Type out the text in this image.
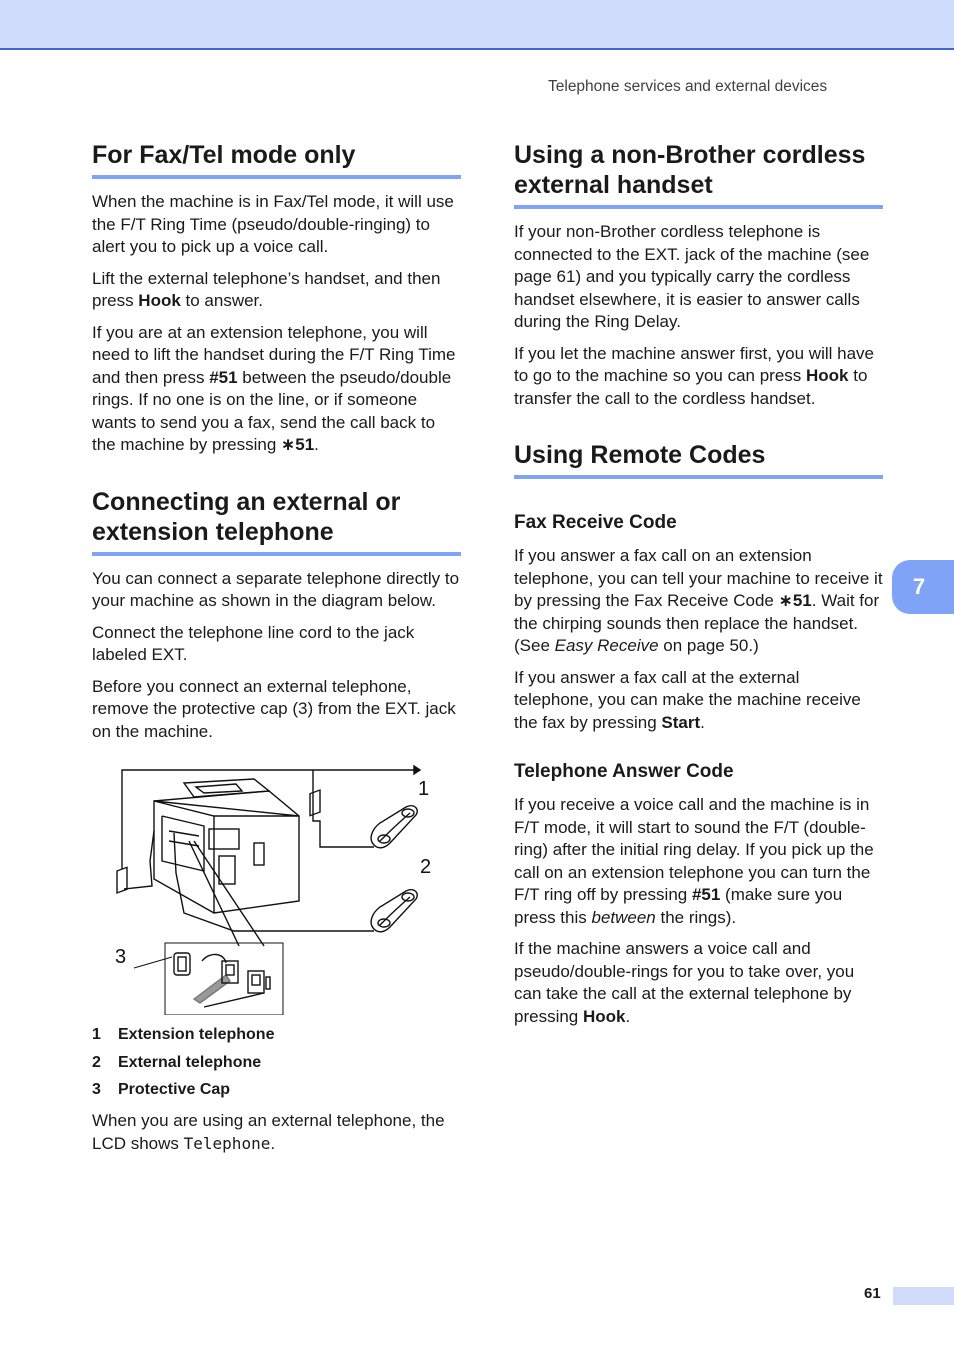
Telephone services and external devices
For Fax/Tel mode only

When the machine is in Fax/Tel mode, it will use the F/T Ring Time (pseudo/double-ringing) to alert you to pick up a voice call.

Lift the external telephone’s handset, and then press Hook to answer.

If you are at an extension telephone, you will need to lift the handset during the F/T Ring Time and then press #51 between the pseudo/double rings. If no one is on the line, or if someone wants to send you a fax, send the call back to the machine by pressing ∗51.

Connecting an external or extension telephone

You can connect a separate telephone directly to your machine as shown in the diagram below.

Connect the telephone line cord to the jack labeled EXT.

Before you connect an external telephone, remove the protective cap (3) from the EXT. jack on the machine.

1
2
3
1 Extension telephone
2 External telephone
3 Protective Cap

When you are using an external telephone, the LCD shows Telephone.

Using a non-Brother cordless external handset

If your non-Brother cordless telephone is connected to the EXT. jack of the machine (see page 61) and you typically carry the cordless handset elsewhere, it is easier to answer calls during the Ring Delay.

If you let the machine answer first, you will have to go to the machine so you can press Hook to transfer the call to the cordless handset.

Using Remote Codes
Fax Receive Code

If you answer a fax call on an extension telephone, you can tell your machine to receive it by pressing the Fax Receive Code ∗51. Wait for the chirping sounds then replace the handset. (See Easy Receive on page 50.)

If you answer a fax call at the external telephone, you can make the machine receive the fax by pressing Start.

Telephone Answer Code

If you receive a voice call and the machine is in F/T mode, it will start to sound the F/T (double-ring) after the initial ring delay. If you pick up the call on an extension telephone you can turn the F/T ring off by pressing #51 (make sure you press this between the rings).

If the machine answers a voice call and pseudo/double-rings for you to take over, you can take the call at the external telephone by pressing Hook.

7
61
